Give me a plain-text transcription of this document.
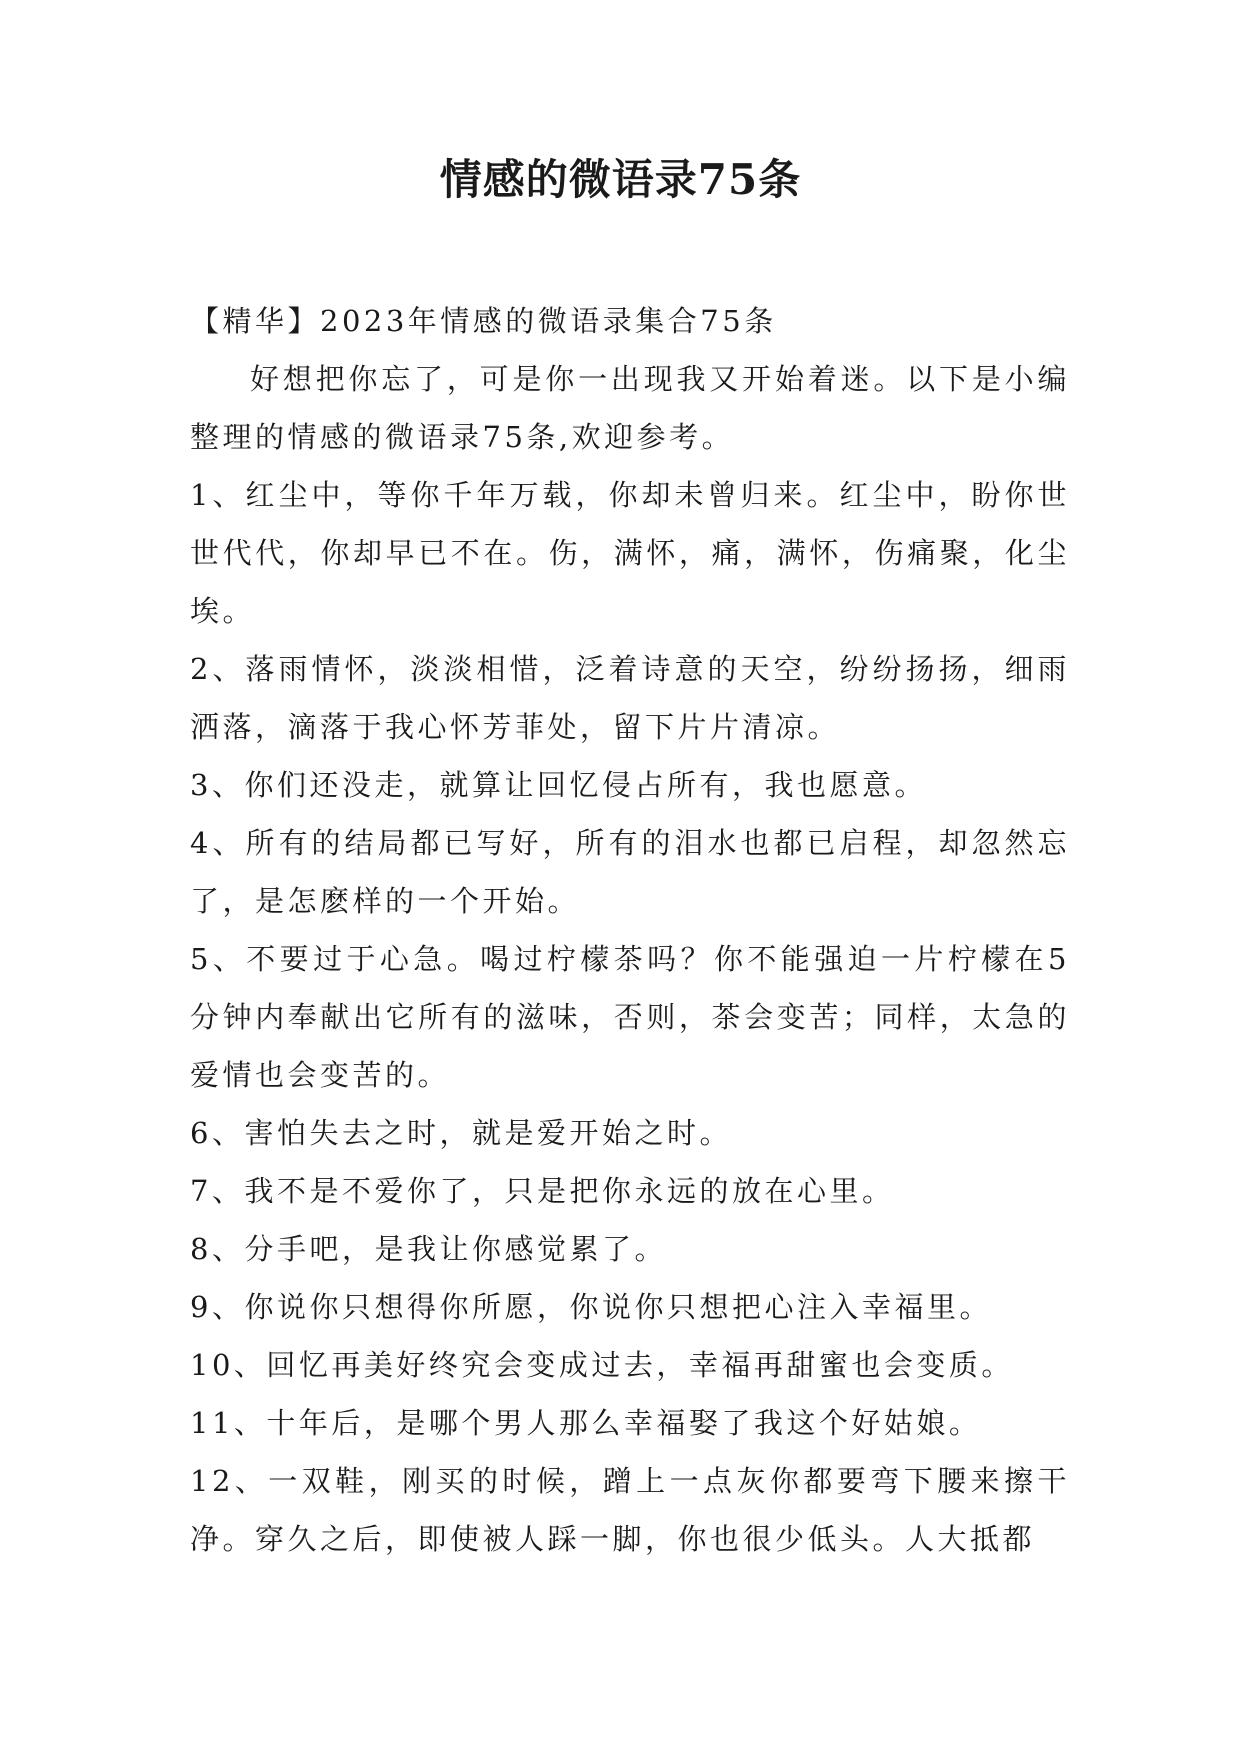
情感的微语录75条

【精华】2023年情感的微语录集合75条

好想把你忘了，可是你一出现我又开始着迷。以下是小编整理的情感的微语录75条,欢迎参考。

1、红尘中，等你千年万载，你却未曾归来。红尘中，盼你世世代代，你却早已不在。伤，满怀，痛，满怀，伤痛聚，化尘埃。

2、落雨情怀，淡淡相惜，泛着诗意的天空，纷纷扬扬，细雨洒落，滴落于我心怀芳菲处，留下片片清凉。

3、你们还没走，就算让回忆侵占所有，我也愿意。

4、所有的结局都已写好，所有的泪水也都已启程，却忽然忘了，是怎麽样的一个开始。

5、不要过于心急。喝过柠檬茶吗？你不能强迫一片柠檬在5分钟内奉献出它所有的滋味，否则，茶会变苦；同样，太急的爱情也会变苦的。

6、害怕失去之时，就是爱开始之时。

7、我不是不爱你了，只是把你永远的放在心里。

8、分手吧，是我让你感觉累了。

9、你说你只想得你所愿，你说你只想把心注入幸福里。

10、回忆再美好终究会变成过去，幸福再甜蜜也会变质。

11、十年后，是哪个男人那么幸福娶了我这个好姑娘。

12、一双鞋，刚买的时候，蹭上一点灰你都要弯下腰来擦干净。穿久之后，即使被人踩一脚，你也很少低头。人大抵都
